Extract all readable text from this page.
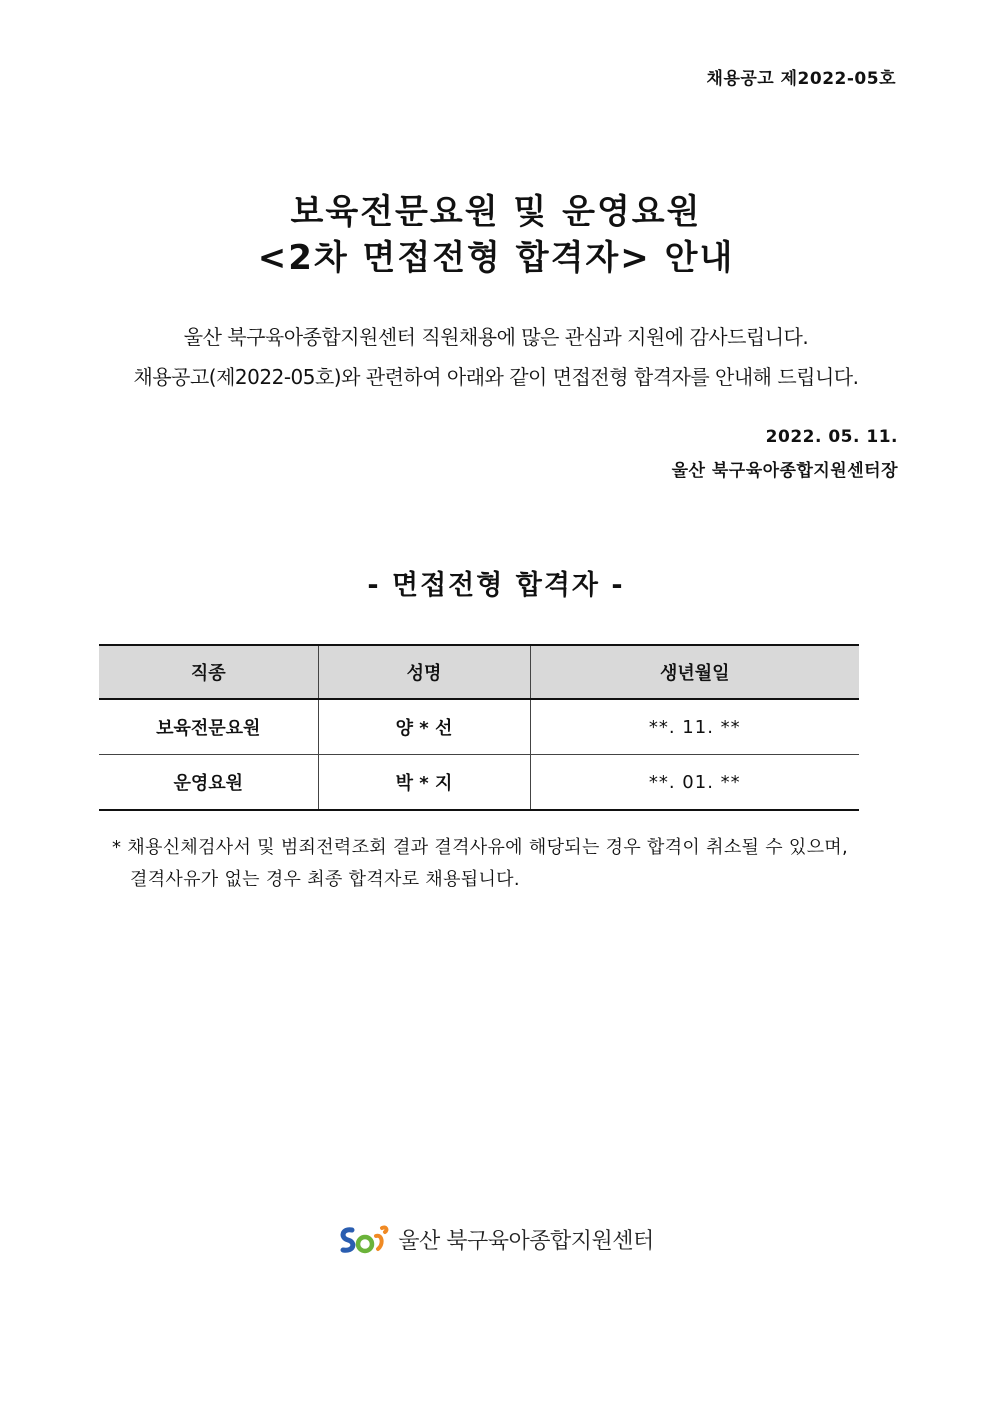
채용공고 제2022-05호
보육전문요원 및 운영요원
<2차 면접전형 합격자> 안내
울산 북구육아종합지원센터 직원채용에 많은 관심과 지원에 감사드립니다.
채용공고(제2022-05호)와 관련하여 아래와 같이 면접전형 합격자를 안내해 드립니다.
2022. 05. 11.
울산 북구육아종합지원센터장
- 면접전형 합격자 -
직종	성명	생년월일
보육전문요원	양 * 선	**. 11. **
운영요원	박 * 지	**. 01. **
* 채용신체검사서 및 범죄전력조회 결과 결격사유에 해당되는 경우 합격이 취소될 수 있으며,
결격사유가 없는 경우 최종 합격자로 채용됩니다.
울산 북구육아종합지원센터
